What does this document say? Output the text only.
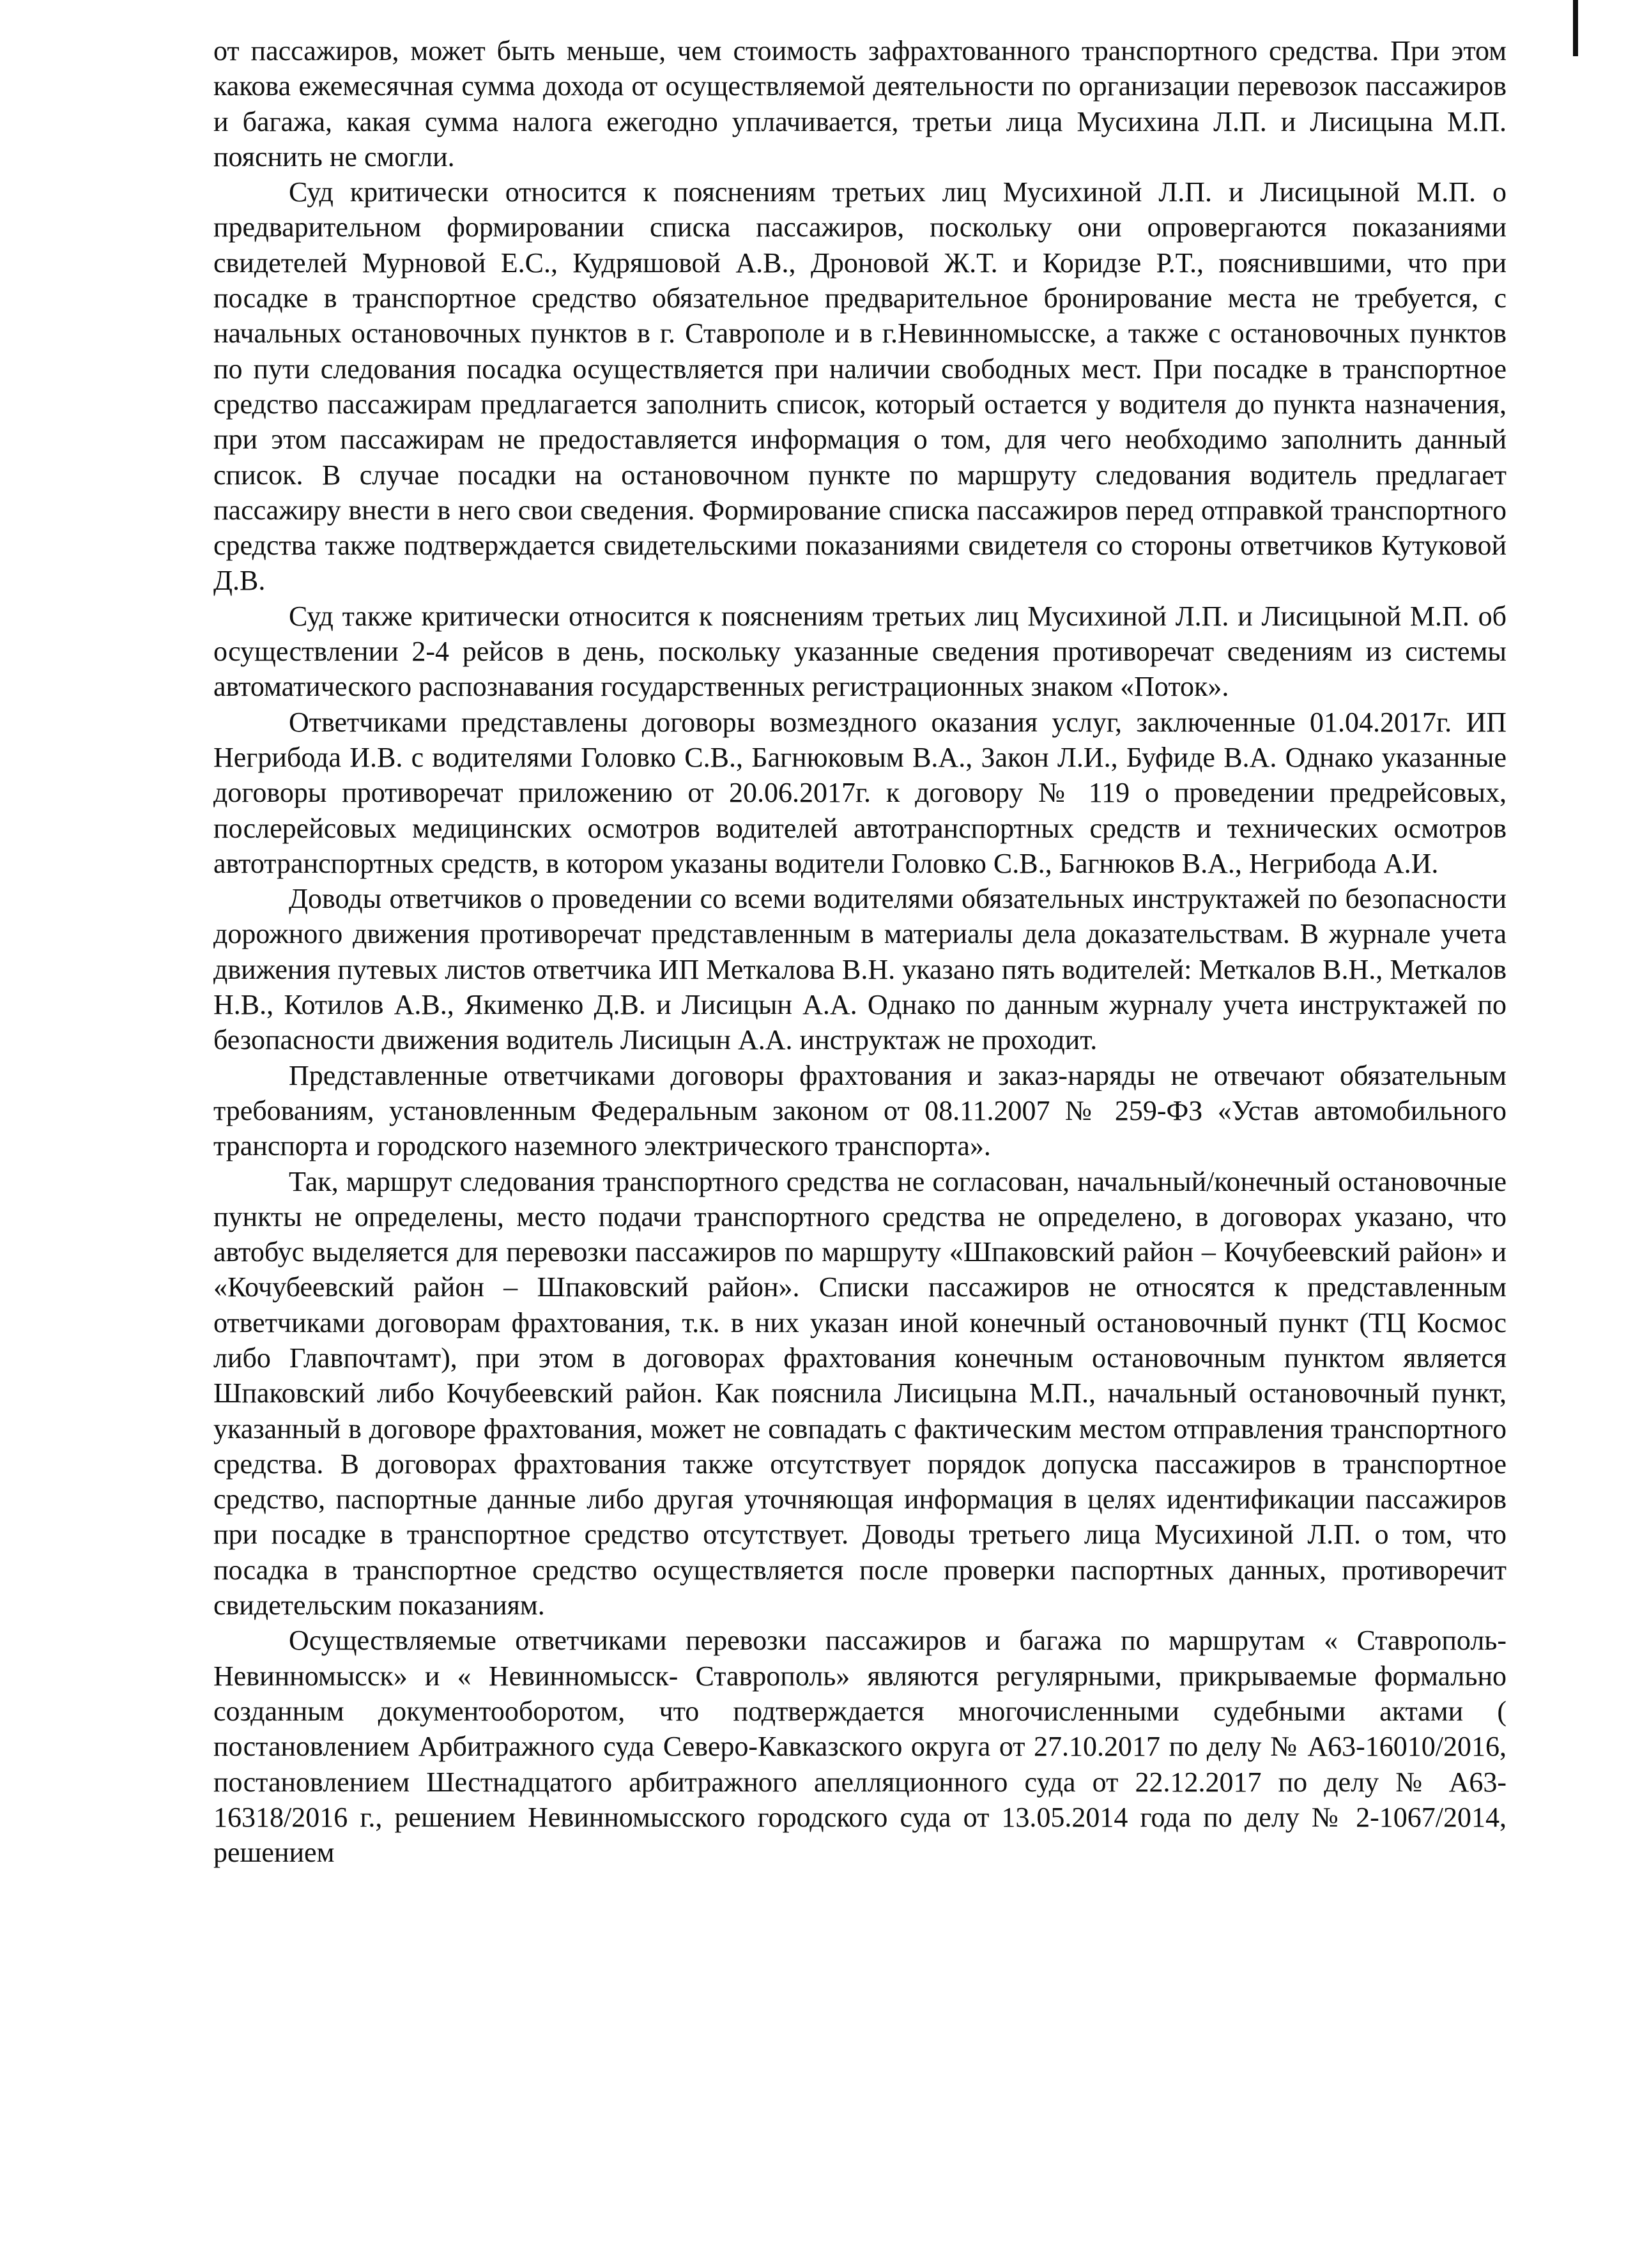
от пассажиров, может быть меньше, чем стоимость зафрахтованного транспортного средства. При этом какова ежемесячная сумма дохода от осуществляемой деятельности по организации перевозок пассажиров и багажа, какая сумма налога ежегодно уплачивается, третьи лица Мусихина Л.П. и Лисицына М.П. пояснить не смогли.

Суд критически относится к пояснениям третьих лиц Мусихиной Л.П. и Лисицыной М.П. о предварительном формировании списка пассажиров, поскольку они опровергаются показаниями свидетелей Мурновой Е.С., Кудряшовой А.В., Дроновой Ж.Т. и Коридзе Р.Т., пояснившими, что при посадке в транспортное средство обязательное предварительное бронирование места не требуется, с начальных остановочных пунктов в г. Ставрополе и в г.Невинномысске, а также с остановочных пунктов по пути следования посадка осуществляется при наличии свободных мест. При посадке в транспортное средство пассажирам предлагается заполнить список, который остается у водителя до пункта назначения, при этом пассажирам не предоставляется информация о том, для чего необходимо заполнить данный список. В случае посадки на остановочном пункте по маршруту следования водитель предлагает пассажиру внести в него свои сведения. Формирование списка пассажиров перед отправкой транспортного средства также подтверждается свидетельскими показаниями свидетеля со стороны ответчиков Кутуковой Д.В.

Суд также критически относится к пояснениям третьих лиц Мусихиной Л.П. и Лисицыной М.П. об осуществлении 2-4 рейсов в день, поскольку указанные сведения противоречат сведениям из системы автоматического распознавания государственных регистрационных знаком «Поток».

Ответчиками представлены договоры возмездного оказания услуг, заключенные 01.04.2017г. ИП Негрибода И.В. с водителями Головко С.В., Багнюковым В.А., Закон Л.И., Буфиде В.А. Однако указанные договоры противоречат приложению от 20.06.2017г. к договору № 119 о проведении предрейсовых, послерейсовых медицинских осмотров водителей автотранспортных средств и технических осмотров автотранспортных средств, в котором указаны водители Головко С.В., Багнюков В.А., Негрибода А.И.

Доводы ответчиков о проведении со всеми водителями обязательных инструктажей по безопасности дорожного движения противоречат представленным в материалы дела доказательствам. В журнале учета движения путевых листов ответчика ИП Меткалова В.Н. указано пять водителей: Меткалов В.Н., Меткалов Н.В., Котилов А.В., Якименко Д.В. и Лисицын А.А. Однако по данным журналу учета инструктажей по безопасности движения водитель Лисицын А.А. инструктаж не проходит.

Представленные ответчиками договоры фрахтования и заказ-наряды не отвечают обязательным требованиям, установленным Федеральным законом от 08.11.2007 № 259-ФЗ «Устав автомобильного транспорта и городского наземного электрического транспорта».

Так, маршрут следования транспортного средства не согласован, начальный/конечный остановочные пункты не определены, место подачи транспортного средства не определено, в договорах указано, что автобус выделяется для перевозки пассажиров по маршруту «Шпаковский район – Кочубеевский район» и «Кочубеевский район – Шпаковский район». Списки пассажиров не относятся к представленным ответчиками договорам фрахтования, т.к. в них указан иной конечный остановочный пункт (ТЦ Космос либо Главпочтамт), при этом в договорах фрахтования конечным остановочным пунктом является Шпаковский либо Кочубеевский район. Как пояснила Лисицына М.П., начальный остановочный пункт, указанный в договоре фрахтования, может не совпадать с фактическим местом отправления транспортного средства. В договорах фрахтования также отсутствует порядок допуска пассажиров в транспортное средство, паспортные данные либо другая уточняющая информация в целях идентификации пассажиров при посадке в транспортное средство отсутствует. Доводы третьего лица Мусихиной Л.П. о том, что посадка в транспортное средство осуществляется после проверки паспортных данных, противоречит свидетельским показаниям.

Осуществляемые ответчиками перевозки пассажиров и багажа по маршрутам « Ставрополь- Невинномысск» и « Невинномысск- Ставрополь» являются регулярными, прикрываемые формально созданным документооборотом, что подтверждается многочисленными судебными актами ( постановлением Арбитражного суда Северо-Кавказского округа от 27.10.2017 по делу № А63-16010/2016, постановлением Шестнадцатого арбитражного апелляционного суда от 22.12.2017 по делу № А63-16318/2016 г., решением Невинномысского городского суда от 13.05.2014 года по делу № 2-1067/2014, решением
